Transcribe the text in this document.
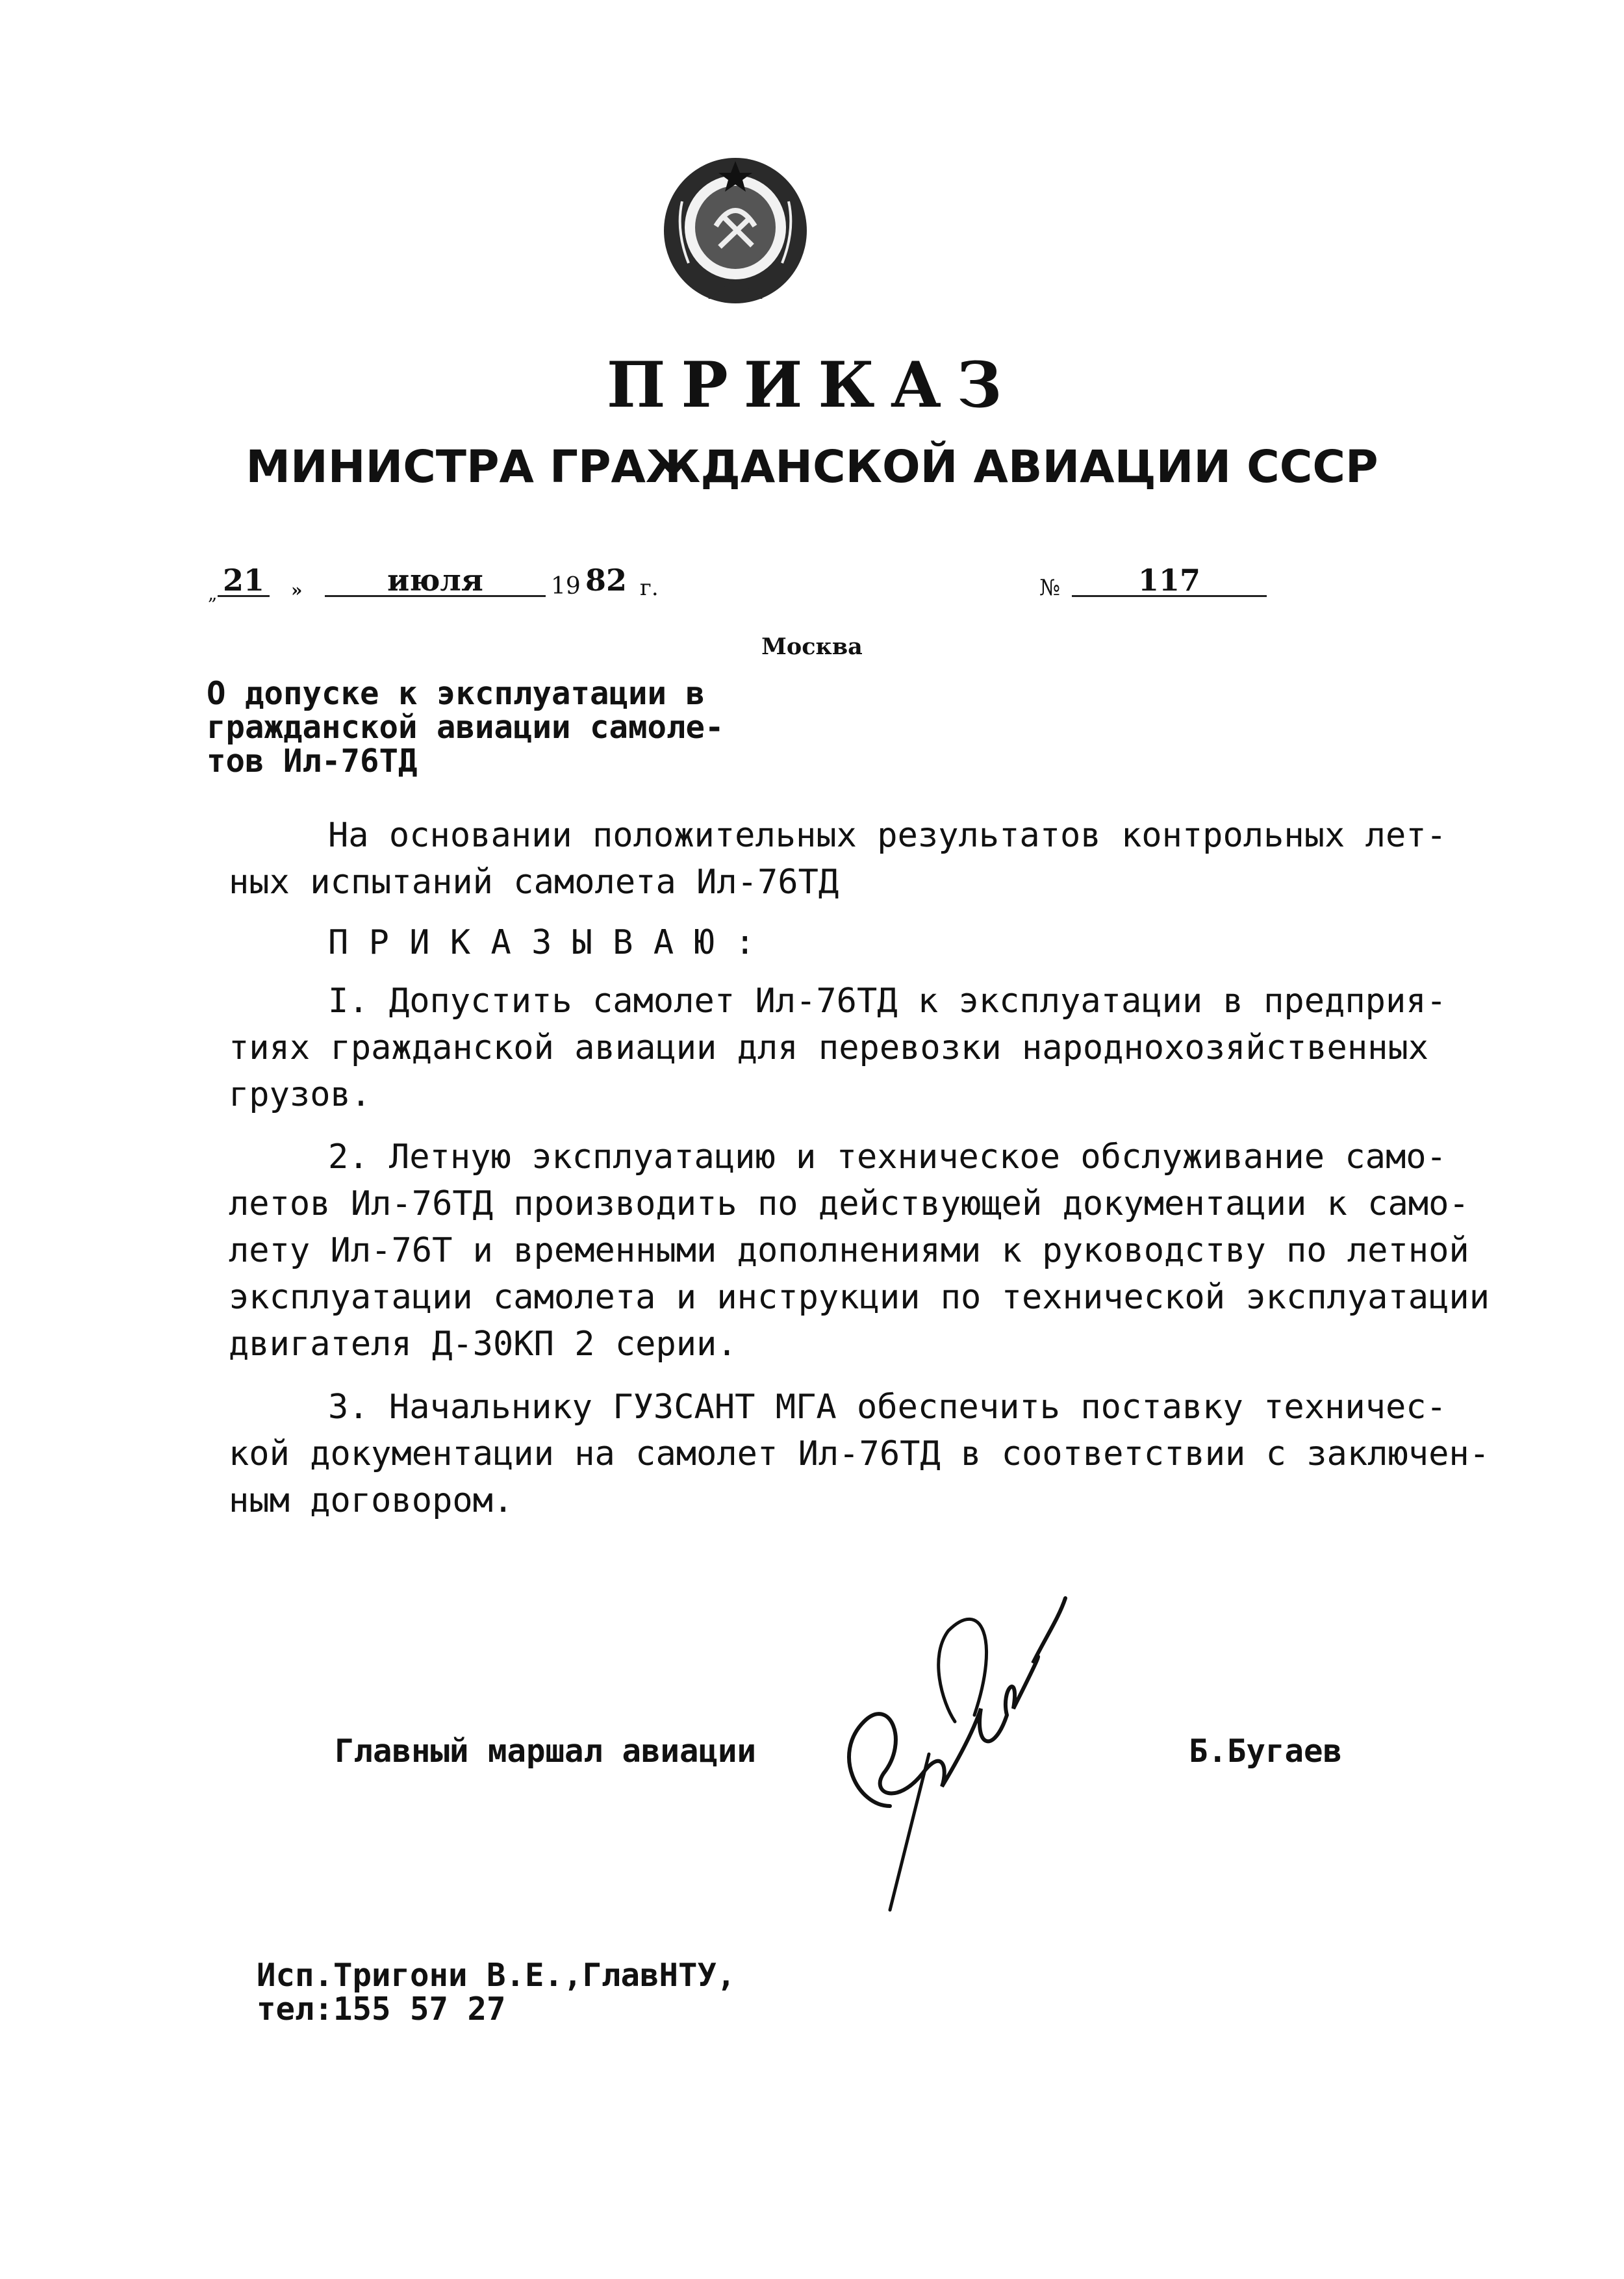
ПРИКАЗ
МИНИСТРА ГРАЖДАНСКОЙ АВИАЦИИ СССР
„ 21 »	июля	19 82 г.	№	117
Москва
О допуске к эксплуатации в
гражданской авиации самоле-
тов Ил-76ТД
На основании положительных результатов контрольных лет-
ных испытаний самолета Ил-76ТД
П Р И К А З Ы В А Ю :
I. Допустить самолет Ил-76ТД к эксплуатации в предприя-
тиях гражданской авиации для перевозки народнохозяйственных
грузов.
2. Летную эксплуатацию и техническое обслуживание само-
летов Ил-76ТД производить по действующей документации к само-
лету Ил-76Т и временными дополнениями к руководству по летной
эксплуатации самолета и инструкции по технической эксплуатации
двигателя Д-30КП 2 серии.
3. Начальнику ГУЗСАНТ МГА обеспечить поставку техничес-
кой документации на самолет Ил-76ТД в соответствии с заключен-
ным договором.
Главный маршал авиации	Б.Бугаев
Исп.Тригони В.Е.,ГлавНТУ,
тел:155 57 27
